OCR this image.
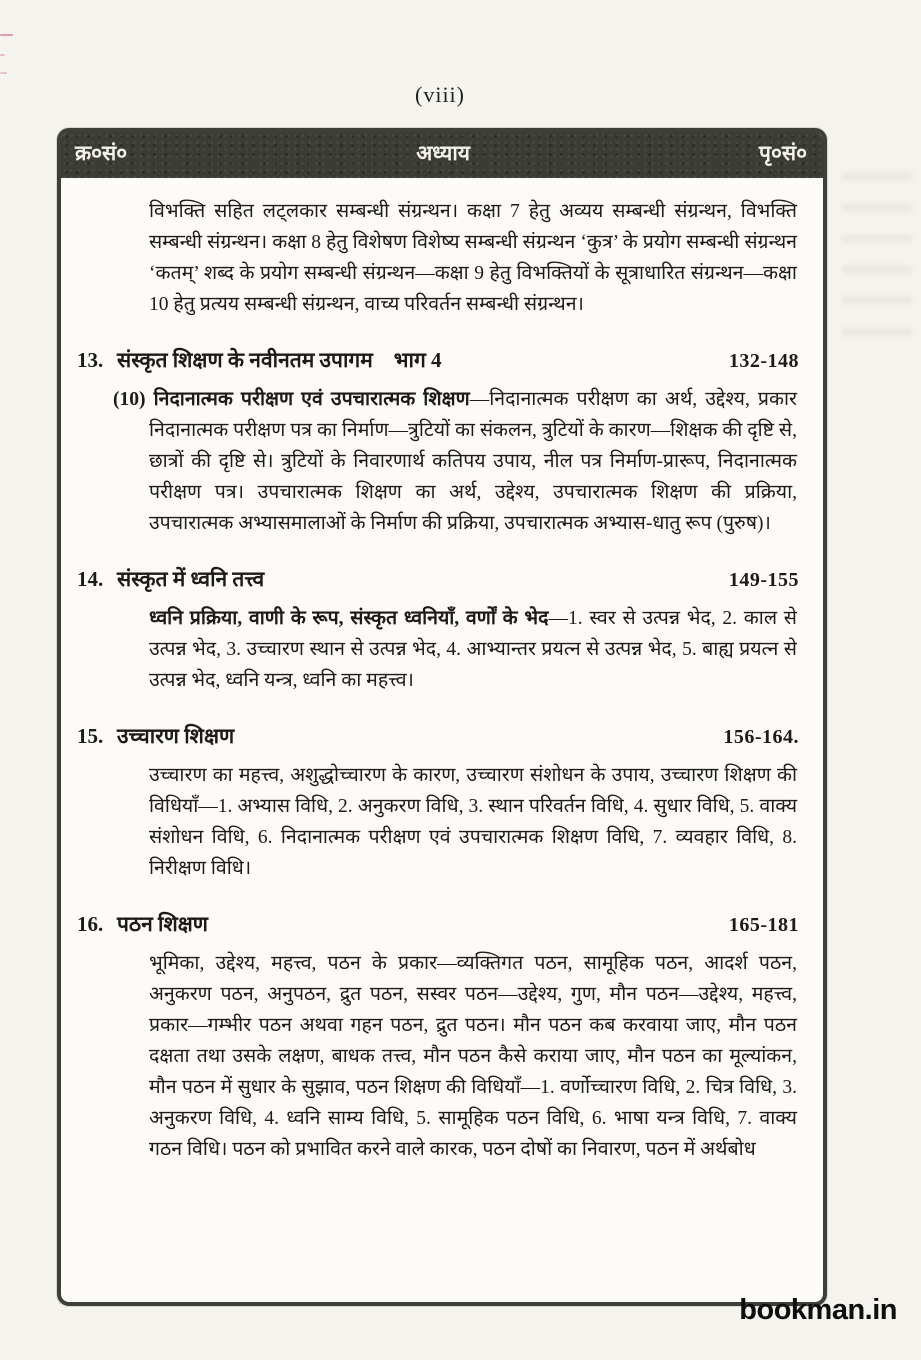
(viii)
क्र०सं०	अध्याय	पृ०सं०

विभक्ति सहित लट्लकार सम्बन्धी संग्रन्थन। कक्षा 7 हेतु अव्यय सम्बन्धी संग्रन्थन, विभक्ति सम्बन्धी संग्रन्थन। कक्षा 8 हेतु विशेषण विशेष्य सम्बन्धी संग्रन्थन ‘कुत्र’ के प्रयोग सम्बन्धी संग्रन्थन ‘कतम्’ शब्द के प्रयोग सम्बन्धी संग्रन्थन—कक्षा 9 हेतु विभक्तियों के सूत्राधारित संग्रन्थन—कक्षा 10 हेतु प्रत्यय सम्बन्धी संग्रन्थन, वाच्य परिवर्तन सम्बन्धी संग्रन्थन।

13. संस्कृत शिक्षण के नवीनतम उपागम    भाग 4	132-148

(10) निदानात्मक परीक्षण एवं उपचारात्मक शिक्षण—निदानात्मक परीक्षण का अर्थ, उद्देश्य, प्रकार निदानात्मक परीक्षण पत्र का निर्माण—त्रुटियों का संकलन, त्रुटियों के कारण—शिक्षक की दृष्टि से, छात्रों की दृष्टि से। त्रुटियों के निवारणार्थ कतिपय उपाय, नील पत्र निर्माण-प्रारूप, निदानात्मक परीक्षण पत्र। उपचारात्मक शिक्षण का अर्थ, उद्देश्य, उपचारात्मक शिक्षण की प्रक्रिया, उपचारात्मक अभ्यासमालाओं के निर्माण की प्रक्रिया, उपचारात्मक अभ्यास-धातु रूप (पुरुष)।

14. संस्कृत में ध्वनि तत्त्व	149-155

ध्वनि प्रक्रिया, वाणी के रूप, संस्कृत ध्वनियाँ, वर्णों के भेद—1. स्वर से उत्पन्न भेद, 2. काल से उत्पन्न भेद, 3. उच्चारण स्थान से उत्पन्न भेद, 4. आभ्यान्तर प्रयत्न से उत्पन्न भेद, 5. बाह्य प्रयत्न से उत्पन्न भेद, ध्वनि यन्त्र, ध्वनि का महत्त्व।

15. उच्चारण शिक्षण	156-164.

उच्चारण का महत्त्व, अशुद्धोच्चारण के कारण, उच्चारण संशोधन के उपाय, उच्चारण शिक्षण की विधियाँ—1. अभ्यास विधि, 2. अनुकरण विधि, 3. स्थान परिवर्तन विधि, 4. सुधार विधि, 5. वाक्य संशोधन विधि, 6. निदानात्मक परीक्षण एवं उपचारात्मक शिक्षण विधि, 7. व्यवहार विधि, 8. निरीक्षण विधि।

16. पठन शिक्षण	165-181

भूमिका, उद्देश्य, महत्त्व, पठन के प्रकार—व्यक्तिगत पठन, सामूहिक पठन, आदर्श पठन, अनुकरण पठन, अनुपठन, द्रुत पठन, सस्वर पठन—उद्देश्य, गुण, मौन पठन—उद्देश्य, महत्त्व, प्रकार—गम्भीर पठन अथवा गहन पठन, द्रुत पठन। मौन पठन कब करवाया जाए, मौन पठन दक्षता तथा उसके लक्षण, बाधक तत्त्व, मौन पठन कैसे कराया जाए, मौन पठन का मूल्यांकन, मौन पठन में सुधार के सुझाव, पठन शिक्षण की विधियाँ—1. वर्णोच्चारण विधि, 2. चित्र विधि, 3. अनुकरण विधि, 4. ध्वनि साम्य विधि, 5. सामूहिक पठन विधि, 6. भाषा यन्त्र विधि, 7. वाक्य गठन विधि। पठन को प्रभावित करने वाले कारक, पठन दोषों का निवारण, पठन में अर्थबोध

bookman.in
